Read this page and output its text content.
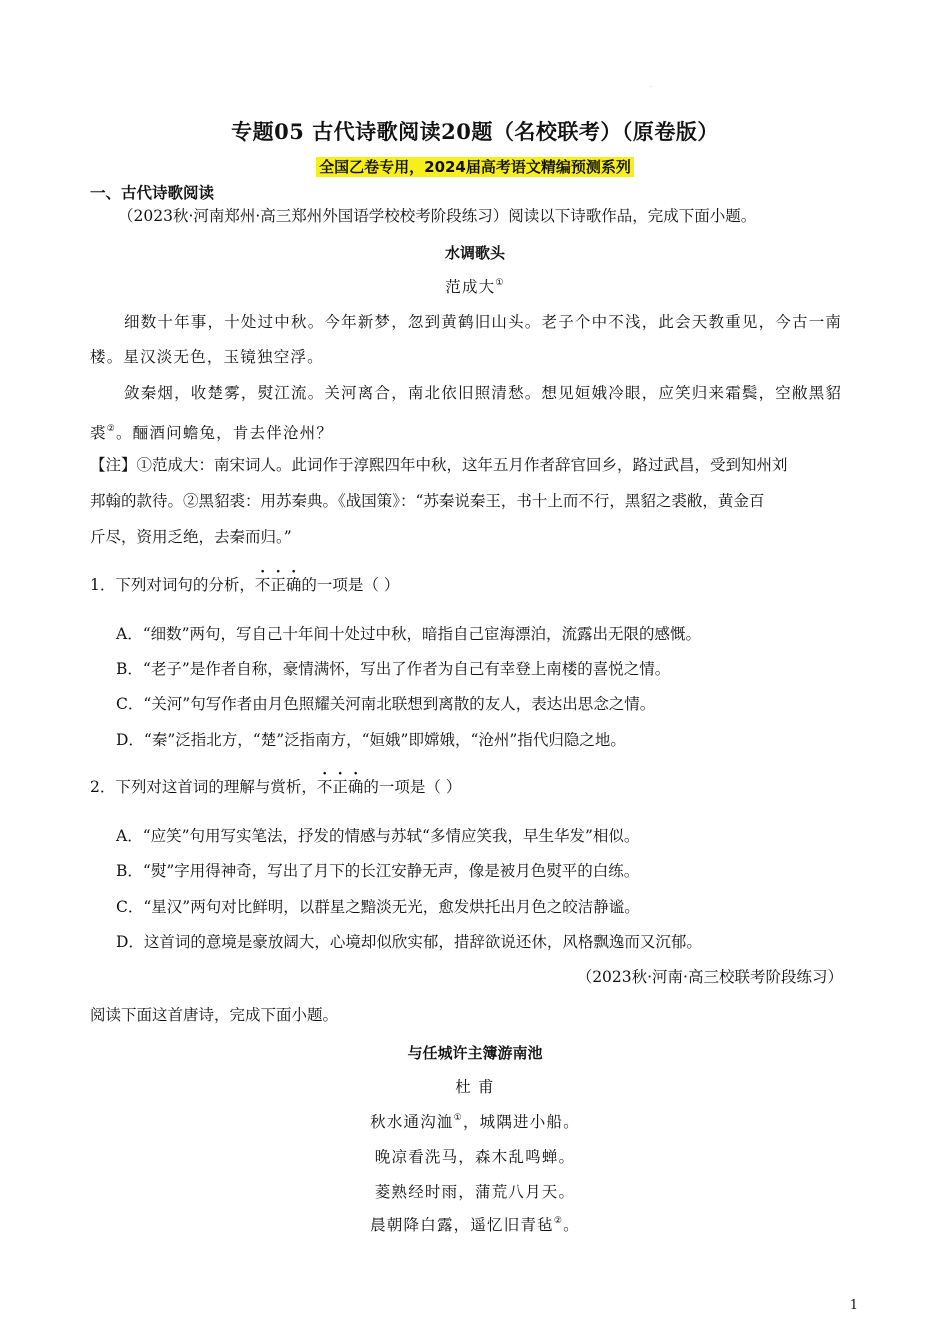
·
专题05 古代诗歌阅读20题（名校联考）（原卷版）
全国乙卷专用，2024届高考语文精编预测系列
一、古代诗歌阅读
（2023秋·河南郑州·高三郑州外国语学校校考阶段练习）阅读以下诗歌作品，完成下面小题。
水调歌头
范成大①
细数十年事，十处过中秋。今年新梦，忽到黄鹤旧山头。老子个中不浅，此会天教重见，今古一南
楼。星汉淡无色，玉镜独空浮。
敛秦烟，收楚雾，熨江流。关河离合，南北依旧照清愁。想见姮娥冷眼，应笑归来霜鬓，空敝黑貂
裘②。酾酒问蟾兔，肯去伴沧州？
【注】①范成大：南宋词人。此词作于淳熙四年中秋，这年五月作者辞官回乡，路过武昌，受到知州刘
邦翰的款待。②黑貂裘：用苏秦典。《战国策》：“苏秦说秦王，书十上而不行，黑貂之裘敝，黄金百
斤尽，资用乏绝，去秦而归。”
1．下列对词句的分析，不正确的一项是（ ）
A．“细数”两句，写自己十年间十处过中秋，暗指自己宦海漂泊，流露出无限的感慨。
B．“老子”是作者自称，豪情满怀，写出了作者为自己有幸登上南楼的喜悦之情。
C．“关河”句写作者由月色照耀关河南北联想到离散的友人，表达出思念之情。
D．“秦”泛指北方，“楚”泛指南方，“姮娥”即嫦娥，“沧州”指代归隐之地。
2．下列对这首词的理解与赏析，不正确的一项是（ ）
A．“应笑”句用写实笔法，抒发的情感与苏轼“多情应笑我，早生华发”相似。
B．“熨”字用得神奇，写出了月下的长江安静无声，像是被月色熨平的白练。
C．“星汉”两句对比鲜明，以群星之黯淡无光，愈发烘托出月色之皎洁静谧。
D．这首词的意境是豪放阔大，心境却似欣实郁，措辞欲说还休，风格飘逸而又沉郁。
（2023秋·河南·高三校联考阶段练习）
阅读下面这首唐诗，完成下面小题。
与任城许主簿游南池
杜 甫
秋水通沟洫①，城隅进小船。
晚凉看洗马，森木乱鸣蝉。
菱熟经时雨，蒲荒八月天。
晨朝降白露，遥忆旧青毡②。
1
